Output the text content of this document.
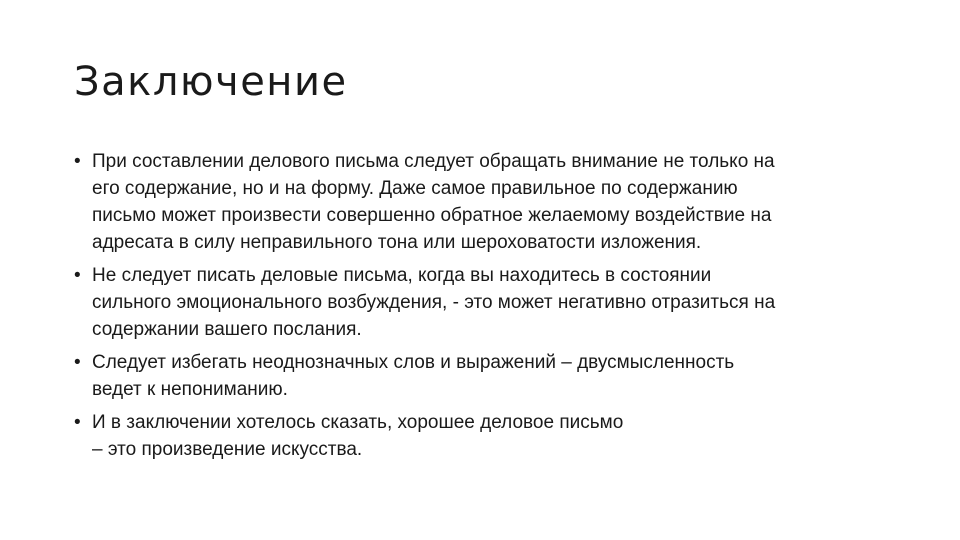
Заключение
• При составлении делового письма следует обращать внимание не только на
его содержание, но и на форму. Даже самое правильное по содержанию
письмо может произвести совершенно обратное желаемому воздействие на
адресата в силу неправильного тона или шероховатости изложения.
• Не следует писать деловые письма, когда вы находитесь в состоянии
сильного эмоционального возбуждения, - это может негативно отразиться на
содержании вашего послания.
• Следует избегать неоднозначных слов и выражений – двусмысленность
ведет к непониманию.
• И в заключении хотелось сказать, хорошее деловое письмо
– это произведение искусства.
